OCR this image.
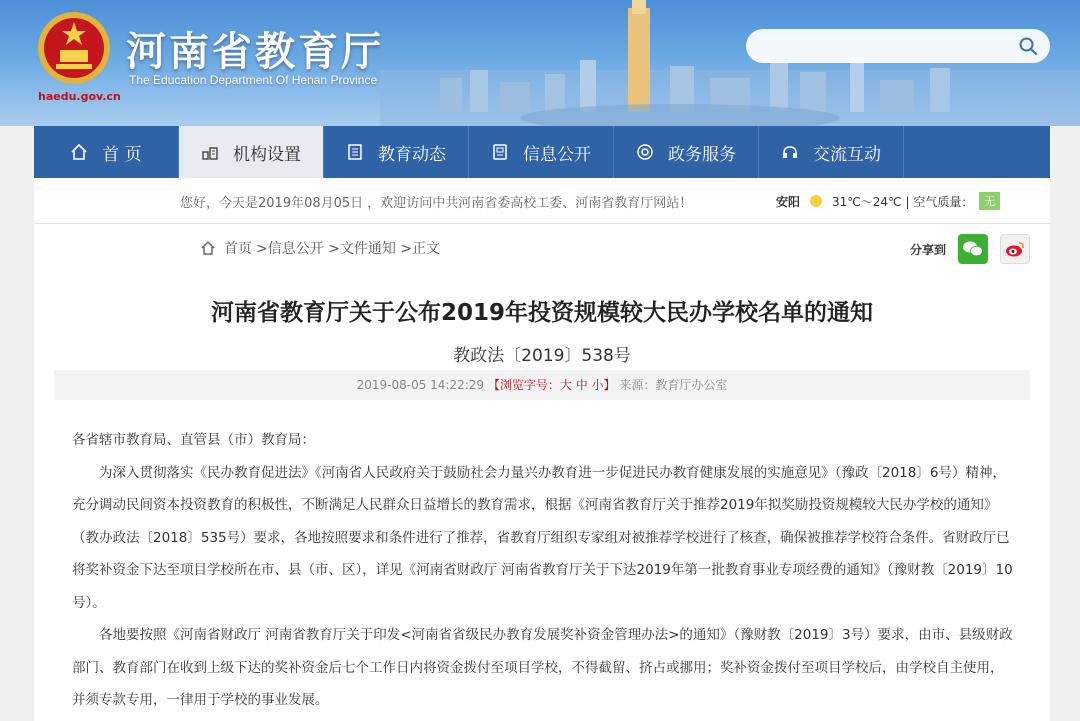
haedu.gov.cn
河南省教育厅
The Education Department Of Henan Province
首 页	机构设置	教育动态	信息公开	政务服务	交流互动
您好，今天是2019年08月05日 ，欢迎访问中共河南省委高校工委、河南省教育厅网站！	安阳	31℃～24℃ | 空气质量：	无
首页 >信息公开 >文件通知 >正文	分享到
河南省教育厅关于公布2019年投资规模较大民办学校名单的通知
教政法〔2019〕538号
2019-08-05 14:22:29 【浏览字号：大 中 小】 来源：教育厅办公室

各省辖市教育局、直管县（市）教育局：

为深入贯彻落实《民办教育促进法》《河南省人民政府关于鼓励社会力量兴办教育进一步促进民办教育健康发展的实施意见》（豫政〔2018〕6号）精神，充分调动民间资本投资教育的积极性，不断满足人民群众日益增长的教育需求，根据《河南省教育厅关于推荐2019年拟奖励投资规模较大民办学校的通知》（教办政法〔2018〕535号）要求，各地按照要求和条件进行了推荐，省教育厅组织专家组对被推荐学校进行了核查，确保被推荐学校符合条件。省财政厅已将奖补资金下达至项目学校所在市、县（市、区），详见《河南省财政厅 河南省教育厅关于下达2019年第一批教育事业专项经费的通知》（豫财教〔2019〕10号）。

各地要按照《河南省财政厅 河南省教育厅关于印发<河南省省级民办教育发展奖补资金管理办法>的通知》（豫财教〔2019〕3号）要求，由市、县级财政部门、教育部门在收到上级下达的奖补资金后七个工作日内将资金拨付至项目学校，不得截留、挤占或挪用；奖补资金拨付至项目学校后，由学校自主使用，并须专款专用，一律用于学校的事业发展。
